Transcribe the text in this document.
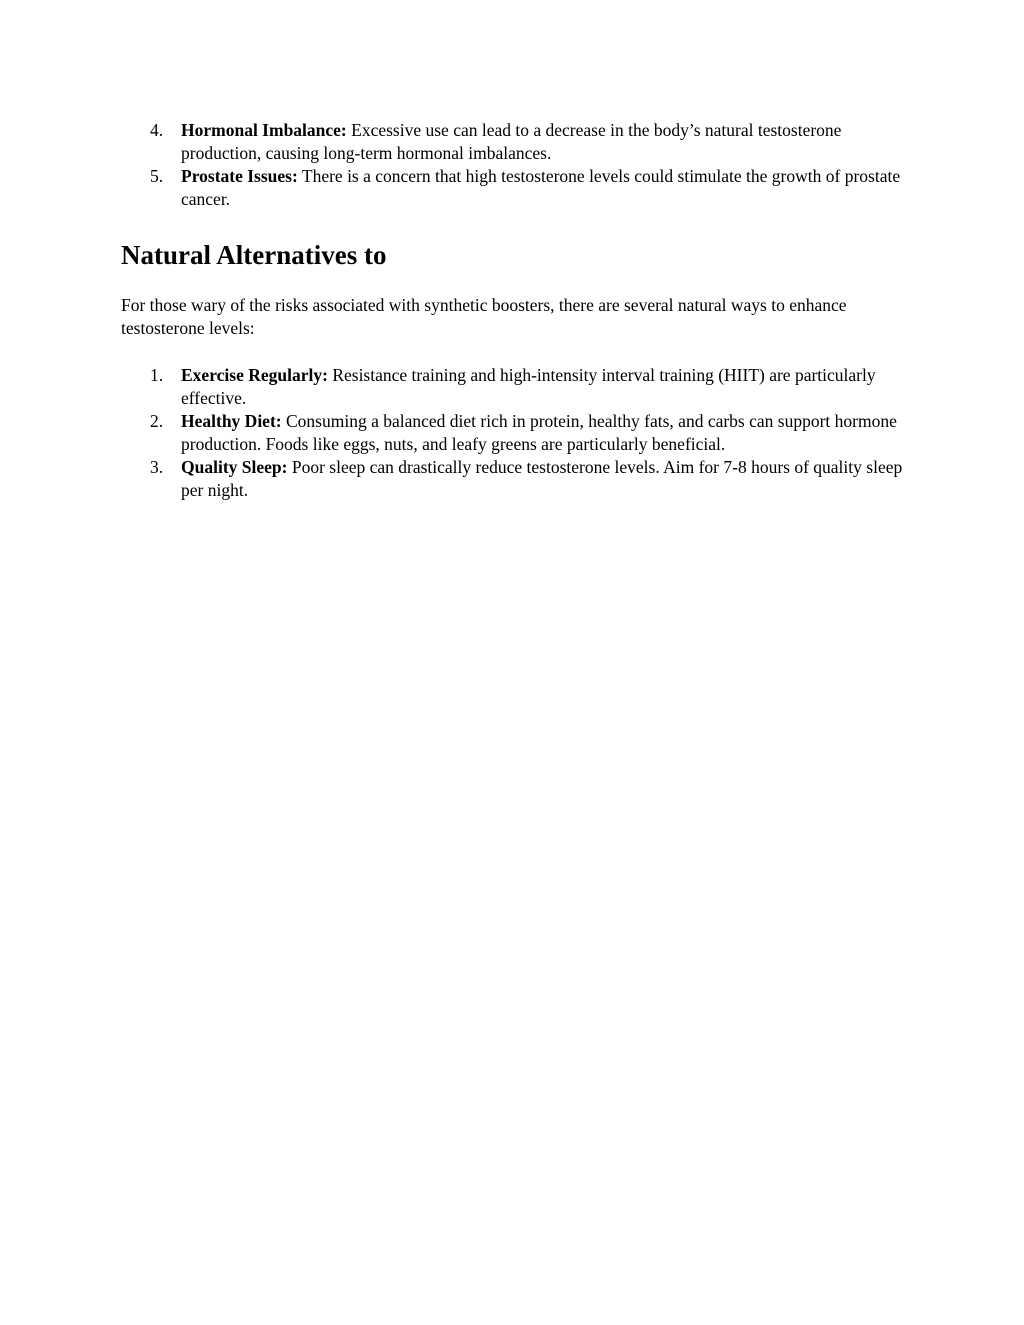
4.	Hormonal Imbalance: Excessive use can lead to a decrease in the body’s natural testosterone production, causing long-term hormonal imbalances.
5.	Prostate Issues: There is a concern that high testosterone levels could stimulate the growth of prostate cancer.
Natural Alternatives to

For those wary of the risks associated with synthetic boosters, there are several natural ways to enhance testosterone levels:

1.	Exercise Regularly: Resistance training and high-intensity interval training (HIIT) are particularly effective.
2.	Healthy Diet: Consuming a balanced diet rich in protein, healthy fats, and carbs can support hormone production. Foods like eggs, nuts, and leafy greens are particularly beneficial.
3.	Quality Sleep: Poor sleep can drastically reduce testosterone levels. Aim for 7-8 hours of quality sleep per night.
